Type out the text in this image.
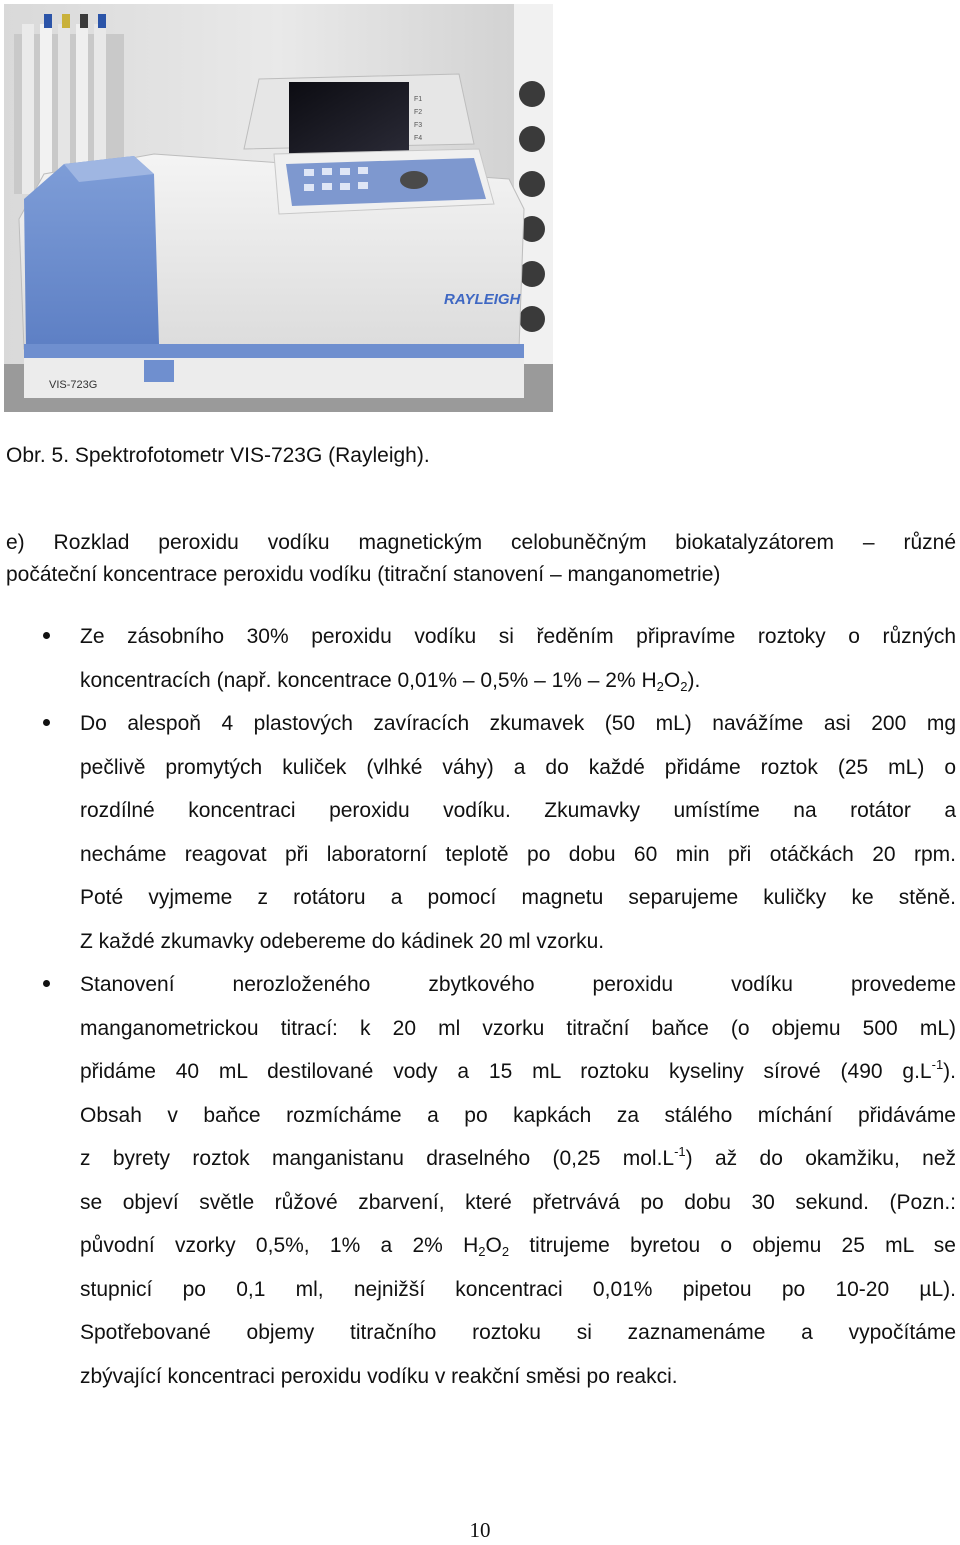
RAYLEIGH
VIS-723G
F1
F2
F3
F4
Obr. 5. Spektrofotometr VIS-723G (Rayleigh).
e) Rozklad peroxidu vodíku magnetickým celobuněčným biokatalyzátorem – různé
počáteční koncentrace peroxidu vodíku (titrační stanovení – manganometrie)
Ze zásobního 30% peroxidu vodíku si ředěním připravíme roztoky o různých
koncentracích (např. koncentrace 0,01% – 0,5% – 1% – 2% $H_2O_2$).
Do alespoň 4 plastových zavíracích zkumavek (50 mL) navážíme asi 200 mg
pečlivě promytých kuliček (vlhké váhy) a do každé přidáme roztok (25 mL) o
rozdílné koncentraci peroxidu vodíku. Zkumavky umístíme na rotátor a
necháme reagovat při laboratorní teplotě po dobu 60 min při otáčkách 20 rpm.
Poté vyjmeme z rotátoru a pomocí magnetu separujeme kuličky ke stěně.
Z každé zkumavky odebereme do kádinek 20 ml vzorku.
Stanovení nerozloženého zbytkového peroxidu vodíku provedeme
manganometrickou titrací: k 20 ml vzorku titrační baňce (o objemu 500 mL)
přidáme 40 mL destilované vody a 15 mL roztoku kyseliny sírové (490 $g.L^{-1}$).
Obsah v baňce rozmícháme a po kapkách za stálého míchání přidáváme
z byrety roztok manganistanu draselného (0,25 $mol.L^{-1}$) až do okamžiku, než
se objeví světle růžové zbarvení, které přetrvává po dobu 30 sekund. (Pozn.:
původní vzorky 0,5%, 1% a 2% $H_2O_2$ titrujeme byretou o objemu 25 mL se
stupnicí po 0,1 ml, nejnižší koncentraci 0,01% pipetou po 10-20 µL).
Spotřebované objemy titračního roztoku si zaznamenáme a vypočítáme
zbývající koncentraci peroxidu vodíku v reakční směsi po reakci.
10
